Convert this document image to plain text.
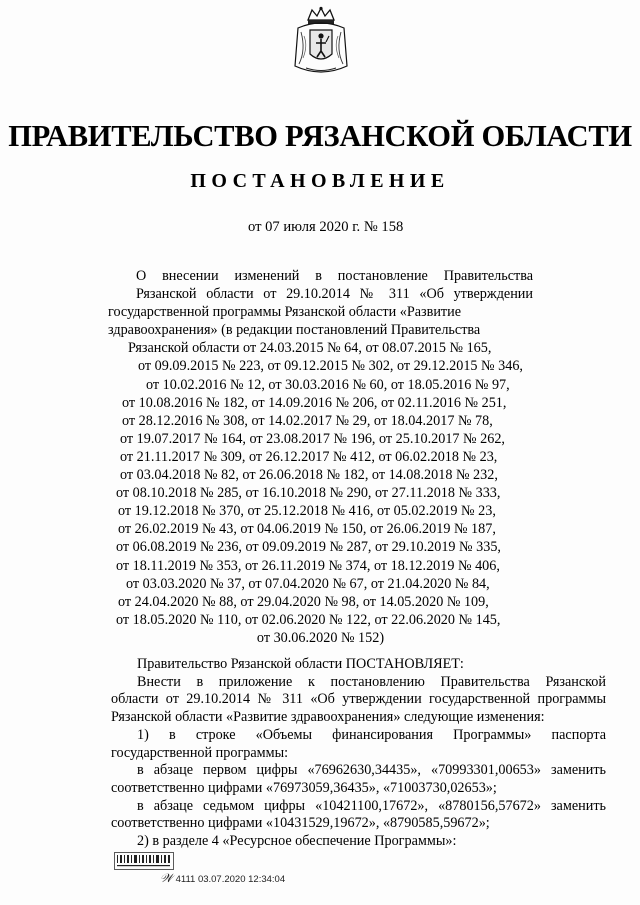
ПРАВИТЕЛЬСТВО РЯЗАНСКОЙ ОБЛАСТИ
ПОСТАНОВЛЕНИЕ
от 07 июля 2020 г. № 158
О внесении изменений в постановление Правительства
Рязанской области от 29.10.2014 № 311 «Об утверждении
государственной программы Рязанской области «Развитие
здравоохранения» (в редакции постановлений Правительства
Рязанской области от 24.03.2015 № 64, от 08.07.2015 № 165,
от 09.09.2015 № 223, от 09.12.2015 № 302, от 29.12.2015 № 346,
от 10.02.2016 № 12, от 30.03.2016 № 60, от 18.05.2016 № 97,
от 10.08.2016 № 182, от 14.09.2016 № 206, от 02.11.2016 № 251,
от 28.12.2016 № 308, от 14.02.2017 № 29, от 18.04.2017 № 78,
от 19.07.2017 № 164, от 23.08.2017 № 196, от 25.10.2017 № 262,
от 21.11.2017 № 309, от 26.12.2017 № 412, от 06.02.2018 № 23,
от 03.04.2018 № 82, от 26.06.2018 № 182, от 14.08.2018 № 232,
от 08.10.2018 № 285, от 16.10.2018 № 290, от 27.11.2018 № 333,
от 19.12.2018 № 370, от 25.12.2018 № 416, от 05.02.2019 № 23,
от 26.02.2019 № 43, от 04.06.2019 № 150, от 26.06.2019 № 187,
от 06.08.2019 № 236, от 09.09.2019 № 287, от 29.10.2019 № 335,
от 18.11.2019 № 353, от 26.11.2019 № 374, от 18.12.2019 № 406,
от 03.03.2020 № 37, от 07.04.2020 № 67, от 21.04.2020 № 84,
от 24.04.2020 № 88, от 29.04.2020 № 98, от 14.05.2020 № 109,
от 18.05.2020 № 110, от 02.06.2020 № 122, от 22.06.2020 № 145,
от 30.06.2020 № 152)
Правительство Рязанской области ПОСТАНОВЛЯЕТ:
Внести в приложение к постановлению Правительства Рязанской
области от 29.10.2014 № 311 «Об утверждении государственной программы
Рязанской области «Развитие здравоохранения» следующие изменения:
1) в строке «Объемы финансирования Программы» паспорта
государственной программы:
в абзаце первом цифры «76962630,34435», «70993301,00653» заменить
соответственно цифрами «76973059,36435», «71003730,02653»;
в абзаце седьмом цифры «10421100,17672», «8780156,57672» заменить
соответственно цифрами «10431529,19672», «8790585,59672»;
2) в разделе 4 «Ресурсное обеспечение Программы»:
𝒲 4111 03.07.2020 12:34:04
